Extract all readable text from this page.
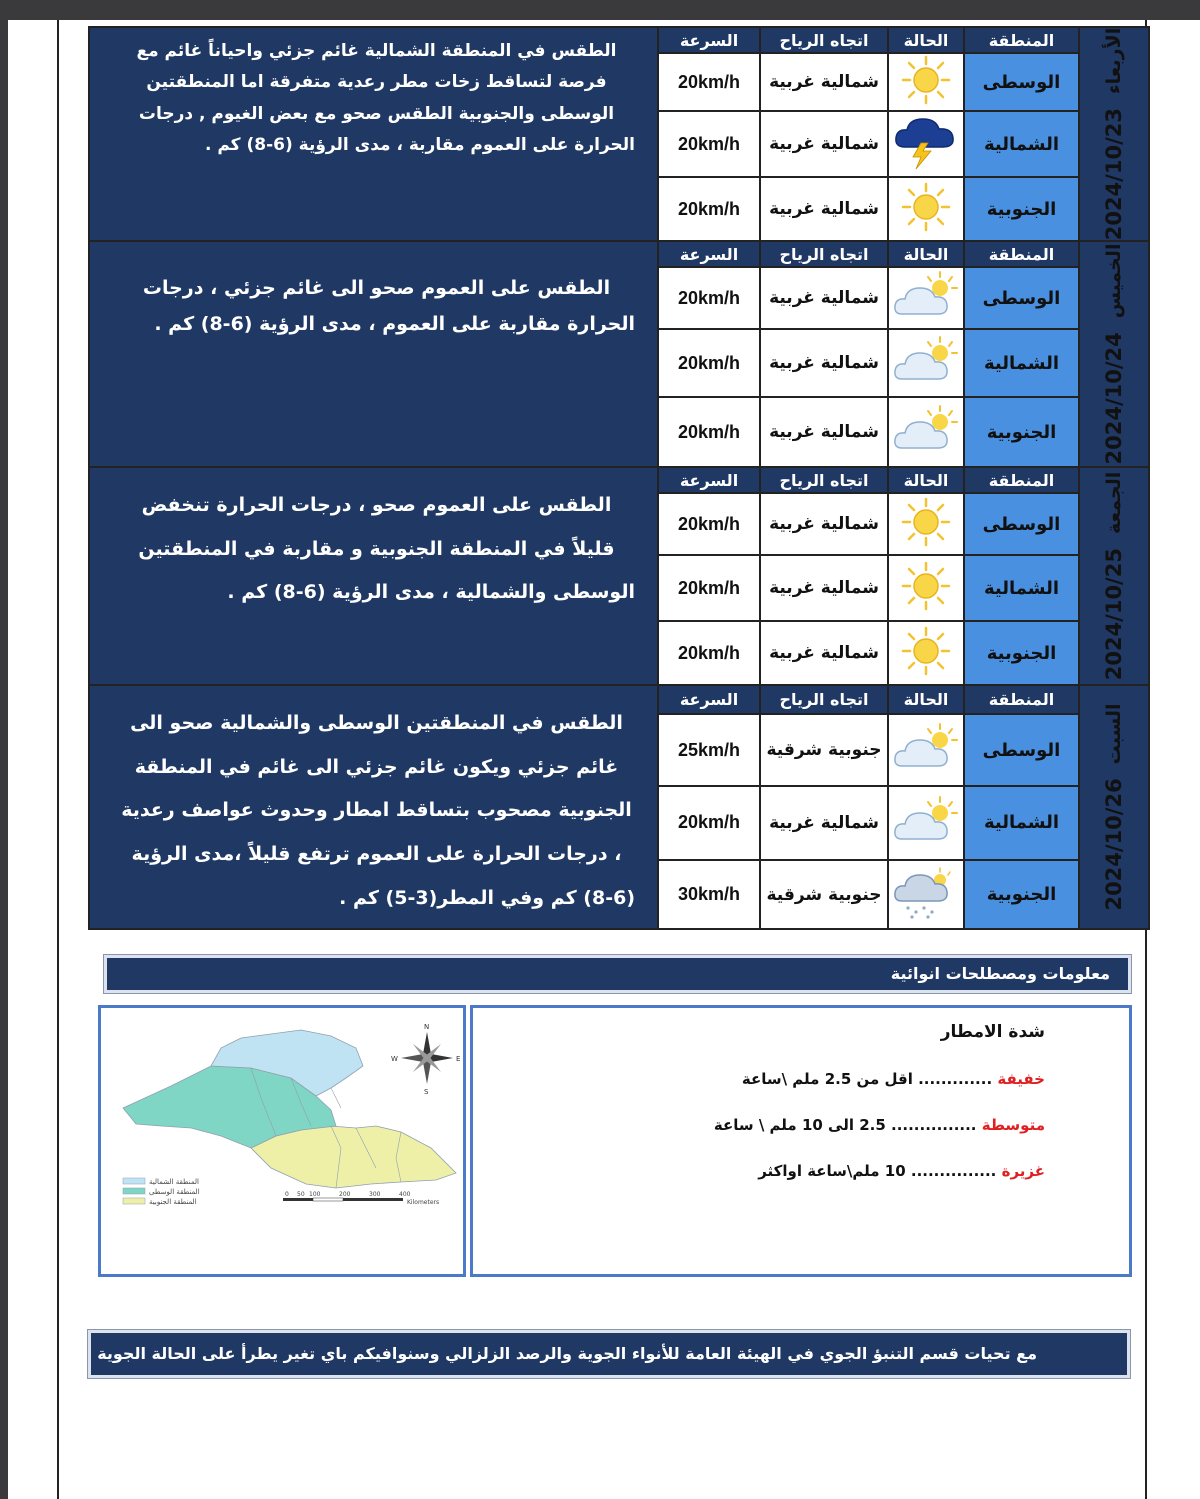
الأربعاء
2024/10/23	المنطقة	الحالة	اتجاه الرياح	السرعة	الطقس في المنطقة الشمالية غائم جزئي واحياناً غائم مع فرصة لتساقط زخات مطر رعدية متفرقة اما المنطقتين الوسطى والجنوبية الطقس صحو مع بعض الغيوم , درجات الحرارة على العموم مقاربة ، مدى الرؤية (6-8) كم .
	الوسطى		شمالية غربية	20km/h	
	الشمالية		شمالية غربية	20km/h	
	الجنوبية		شمالية غربية	20km/h	

الخميس
2024/10/24	المنطقة	الحالة	اتجاه الرياح	السرعة	الطقس على العموم صحو الى غائم جزئي ، درجات الحرارة مقاربة على العموم ، مدى الرؤية (6-8) كم .
	الوسطى		شمالية غربية	20km/h	
	الشمالية		شمالية غربية	20km/h	
	الجنوبية		شمالية غربية	20km/h	

الجمعة
2024/10/25	المنطقة	الحالة	اتجاه الرياح	السرعة	الطقس على العموم صحو ، درجات الحرارة تنخفض قليلاً في المنطقة الجنوبية و مقاربة في المنطقتين الوسطى والشمالية ، مدى الرؤية (6-8) كم .
	الوسطى		شمالية غربية	20km/h	
	الشمالية		شمالية غربية	20km/h	
	الجنوبية		شمالية غربية	20km/h	

السبت
2024/10/26	المنطقة	الحالة	اتجاه الرياح	السرعة	الطقس في المنطقتين الوسطى والشمالية صحو الى غائم جزئي ويكون غائم جزئي الى غائم في المنطقة الجنوبية مصحوب بتساقط امطار وحدوث عواصف رعدية ، درجات الحرارة على العموم ترتفع قليلاً ،مدى الرؤية (6-8) كم وفي المطر(3-5) كم .
	الوسطى		جنوبية شرقية	25km/h	
	الشمالية		شمالية غربية	20km/h	
	الجنوبية		جنوبية شرقية	30km/h	
معلومات ومصطلحات انوائية
N
S
E
W
المنطقة الشمالية
المنطقة الوسطى
المنطقة الجنوبية
0 50 100	200	300	400
Kilometers
شدة الامطار
خفيفة ............. اقل من 2.5 ملم \ساعة
متوسطة ............... 2.5 الى 10 ملم \ ساعة
غزيرة ............... 10 ملم\ساعة اواكثر
مع تحيات قسم التنبؤ الجوي في الهيئة العامة للأنواء الجوية والرصد الزلزالي وسنوافيكم باي تغير يطرأ على الحالة الجوية
